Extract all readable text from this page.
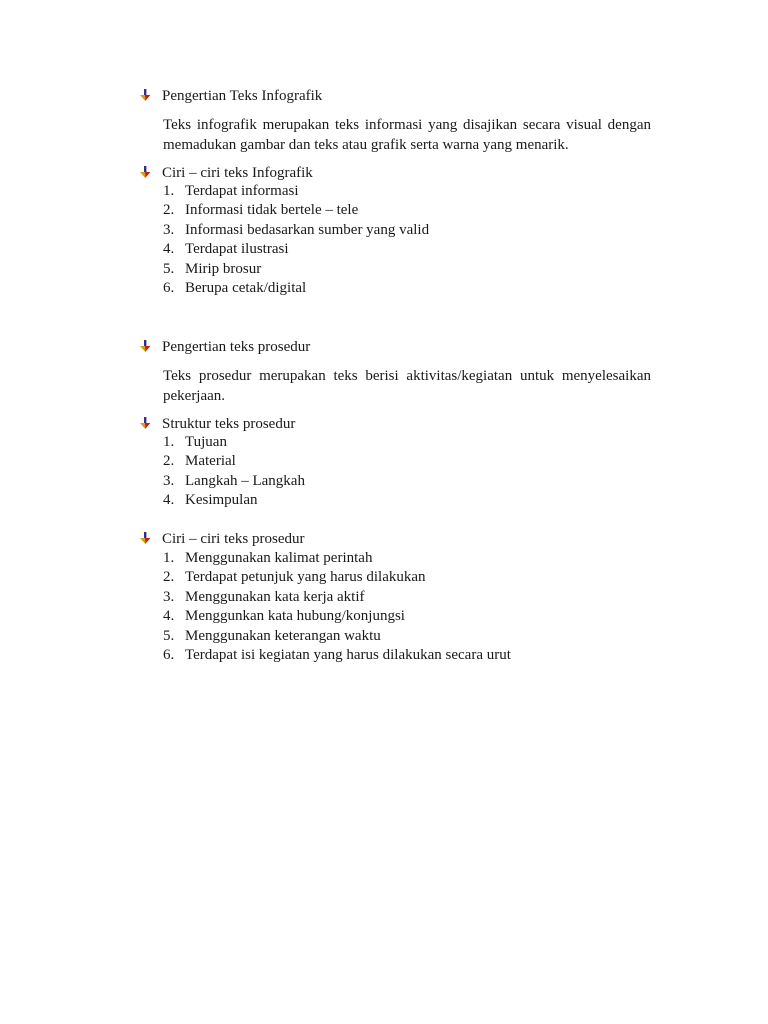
Pengertian Teks Infografik
Teks infografik merupakan teks informasi yang disajikan secara visual dengan memadukan gambar dan teks atau grafik serta warna yang menarik.
Ciri – ciri teks Infografik
1. Terdapat informasi
2. Informasi tidak bertele – tele
3. Informasi bedasarkan sumber yang valid
4. Terdapat ilustrasi
5. Mirip brosur
6. Berupa cetak/digital
Pengertian teks prosedur
Teks prosedur merupakan teks berisi aktivitas/kegiatan untuk menyelesaikan pekerjaan.
Struktur teks prosedur
1. Tujuan
2. Material
3. Langkah – Langkah
4. Kesimpulan
Ciri – ciri teks prosedur
1. Menggunakan kalimat perintah
2. Terdapat petunjuk yang harus dilakukan
3. Menggunakan kata kerja aktif
4. Menggunkan kata hubung/konjungsi
5. Menggunakan keterangan waktu
6. Terdapat isi kegiatan yang harus dilakukan secara urut
